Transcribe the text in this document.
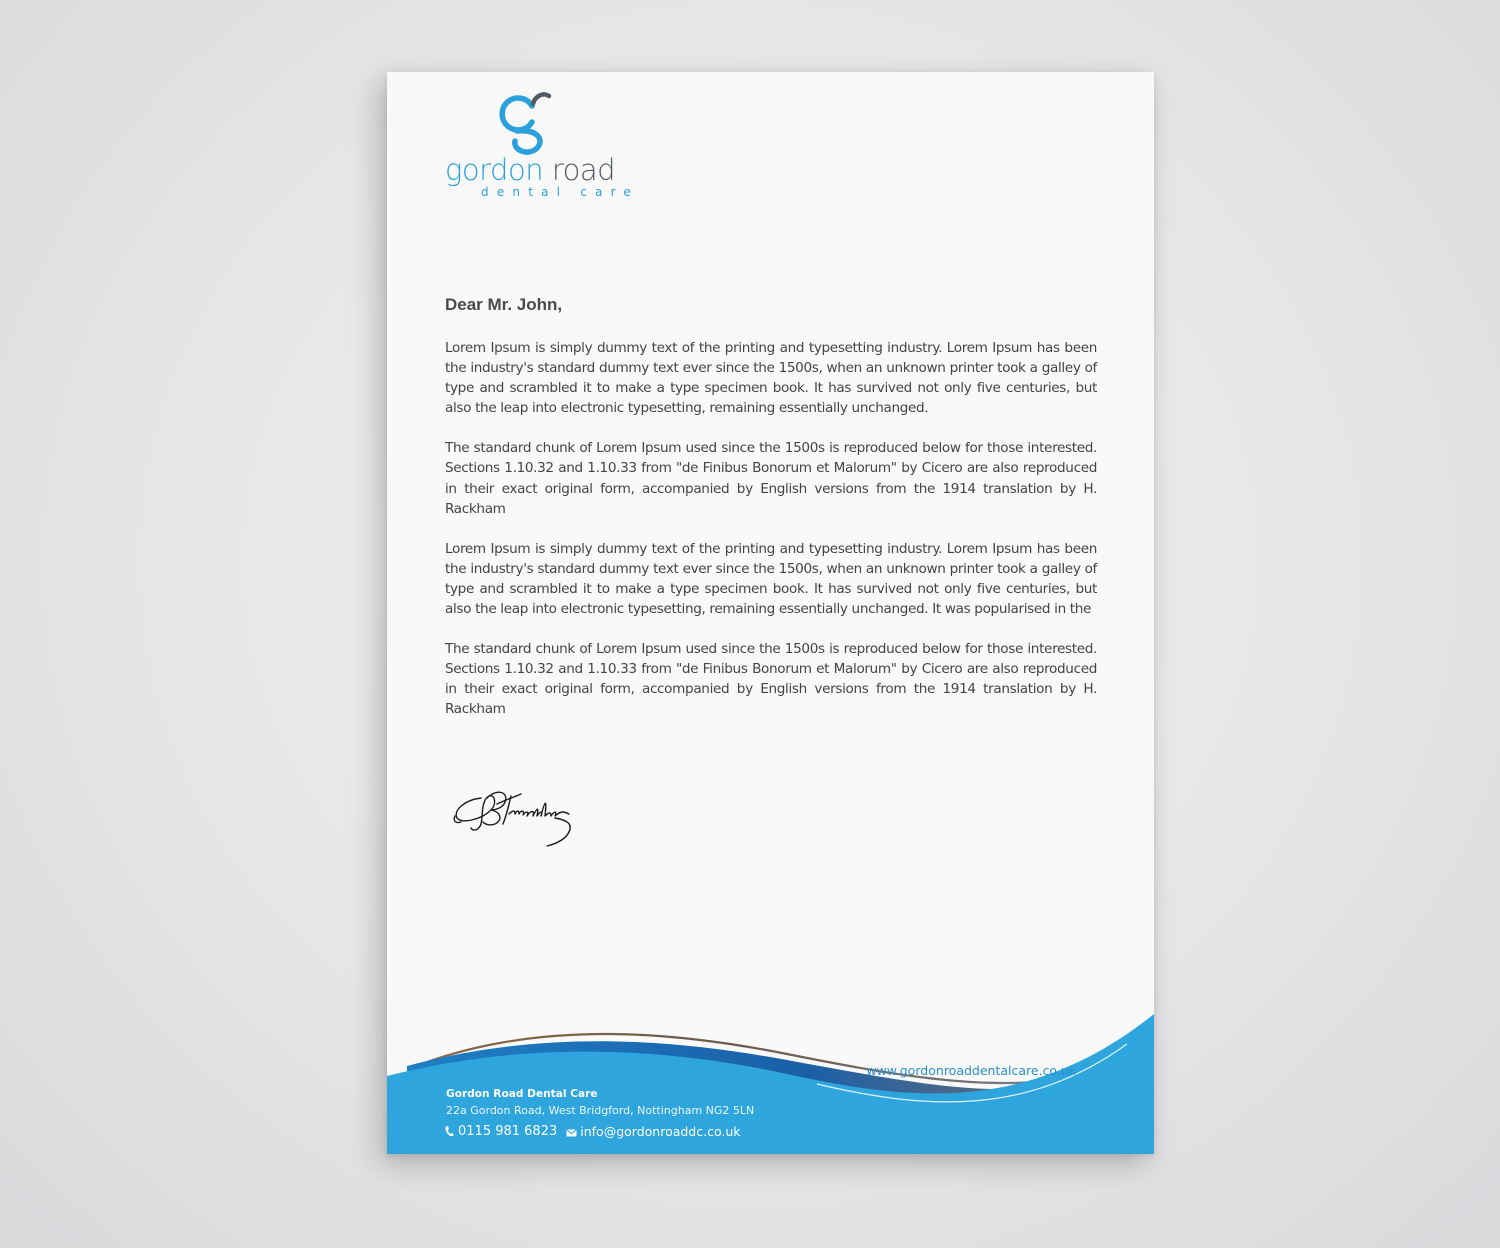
gordon road
dental care
Dear Mr. John,

Lorem Ipsum is simply dummy text of the printing and typesetting industry. Lorem Ipsum has been the industry's standard dummy text ever since the 1500s, when an unknown printer took a galley of type and scrambled it to make a type specimen book. It has survived not only five centuries, but also the leap into electronic typesetting, remaining essentially unchanged.

The standard chunk of Lorem Ipsum used since the 1500s is reproduced below for those interested. Sections 1.10.32 and 1.10.33 from "de Finibus Bonorum et Malorum" by Cicero are also reproduced in their exact original form, accompanied by English versions from the 1914 translation by H. Rackham

Lorem Ipsum is simply dummy text of the printing and typesetting industry. Lorem Ipsum has been the industry's standard dummy text ever since the 1500s, when an unknown printer took a galley of type and scrambled it to make a type specimen book. It has survived not only five centuries, but also the leap into electronic typesetting, remaining essentially unchanged. It was popularised in the

The standard chunk of Lorem Ipsum used since the 1500s is reproduced below for those interested. Sections 1.10.32 and 1.10.33 from "de Finibus Bonorum et Malorum" by Cicero are also reproduced in their exact original form, accompanied by English versions from the 1914 translation by H. Rackham

www.gordonroaddentalcare.co.uk
Gordon Road Dental Care
22a Gordon Road, West Bridgford, Nottingham NG2 5LN
0115 981 6823 info@gordonroaddc.co.uk
